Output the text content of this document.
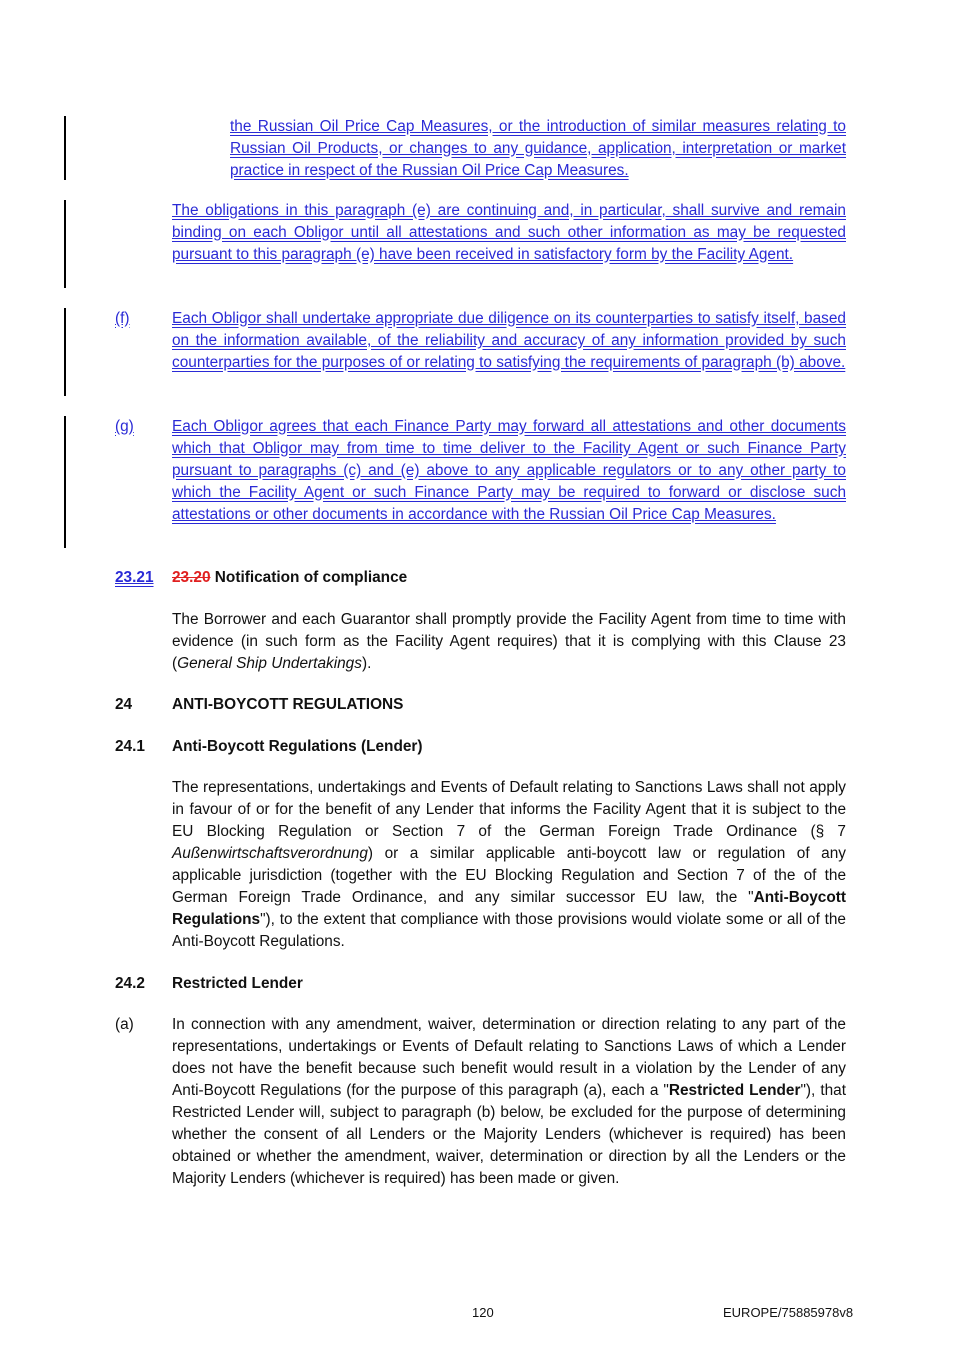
the Russian Oil Price Cap Measures, or the introduction of similar measures relating to Russian Oil Products, or changes to any guidance, application, interpretation or market practice in respect of the Russian Oil Price Cap Measures.
The obligations in this paragraph (e) are continuing and, in particular, shall survive and remain binding on each Obligor until all attestations and such other information as may be requested pursuant to this paragraph (e) have been received in satisfactory form by the Facility Agent.
(f)	Each Obligor shall undertake appropriate due diligence on its counterparties to satisfy itself, based on the information available, of the reliability and accuracy of any information provided by such counterparties for the purposes of or relating to satisfying the requirements of paragraph (b) above.
(g) Each Obligor agrees that each Finance Party may forward all attestations and other documents which that Obligor may from time to time deliver to the Facility Agent or such Finance Party pursuant to paragraphs (c) and (e) above to any applicable regulators or to any other party to which the Facility Agent or such Finance Party may be required to forward or disclose such attestations or other documents in accordance with the Russian Oil Price Cap Measures.
23.21 23.20 Notification of compliance
The Borrower and each Guarantor shall promptly provide the Facility Agent from time to time with evidence (in such form as the Facility Agent requires) that it is complying with this Clause 23 (General Ship Undertakings).
24	ANTI-BOYCOTT REGULATIONS
24.1 Anti-Boycott Regulations (Lender)
The representations, undertakings and Events of Default relating to Sanctions Laws shall not apply in favour of or for the benefit of any Lender that informs the Facility Agent that it is subject to the EU Blocking Regulation or Section 7 of the German Foreign Trade Ordinance (§ 7 Außenwirtschaftsverordnung) or a similar applicable anti-boycott law or regulation of any applicable jurisdiction (together with the EU Blocking Regulation and Section 7 of the of the German Foreign Trade Ordinance, and any similar successor EU law, the "Anti-Boycott Regulations"), to the extent that compliance with those provisions would violate some or all of the Anti-Boycott Regulations.
24.2 Restricted Lender
(a) In connection with any amendment, waiver, determination or direction relating to any part of the representations, undertakings or Events of Default relating to Sanctions Laws of which a Lender does not have the benefit because such benefit would result in a violation by the Lender of any Anti-Boycott Regulations (for the purpose of this paragraph (a), each a "Restricted Lender"), that Restricted Lender will, subject to paragraph (b) below, be excluded for the purpose of determining whether the consent of all Lenders or the Majority Lenders (whichever is required) has been obtained or whether the amendment, waiver, determination or direction by all the Lenders or the Majority Lenders (whichever is required) has been made or given.
120	EUROPE/75885978v8
